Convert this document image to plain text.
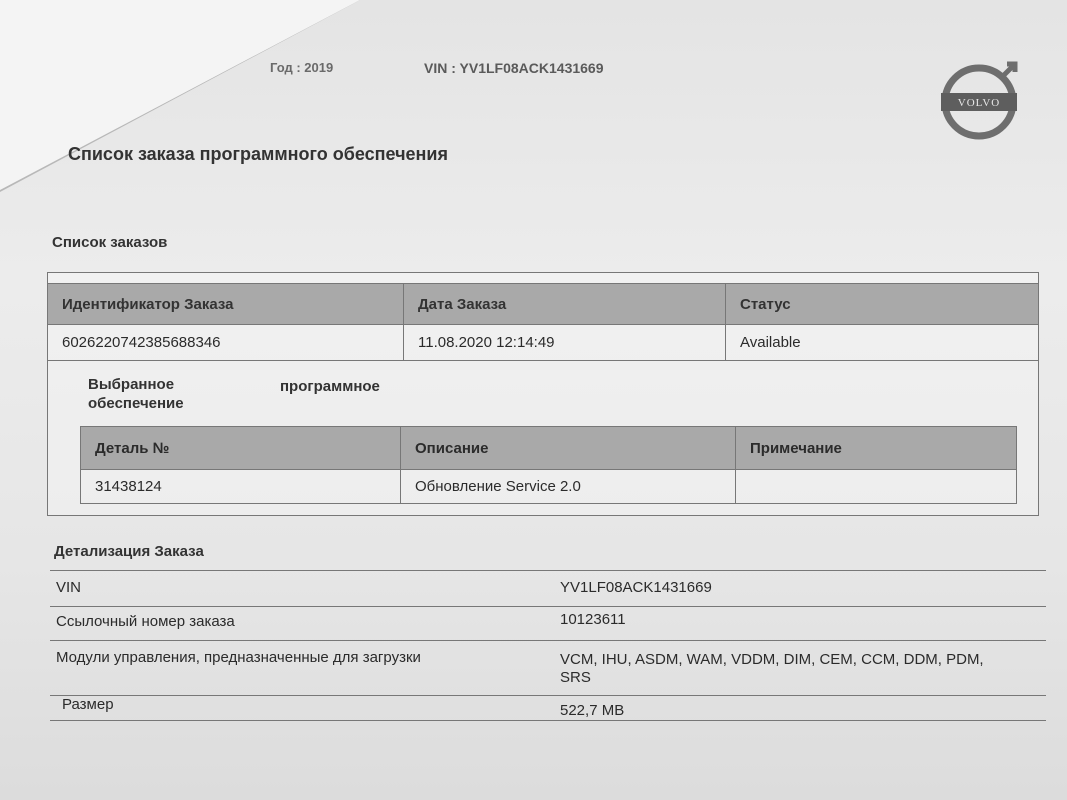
Год : 2019	VIN : YV1LF08ACK1431669
VOLVO
Список заказа программного обеспечения
Список заказов
Идентификатор Заказа	Дата Заказа	Статус
6026220742385688346	11.08.2020 12:14:49	Available
Выбранное обеспечение
программное
Деталь №	Описание	Примечание
31438124	Обновление Service 2.0
Детализация Заказа
VIN	YV1LF08ACK1431669
Ссылочный номер заказа	10123611
Модули управления, предназначенные для загрузки	VCM, IHU, ASDM, WAM, VDDM, DIM, CEM, CCM, DDM, PDM,
SRS
Размер	522,7 MB
